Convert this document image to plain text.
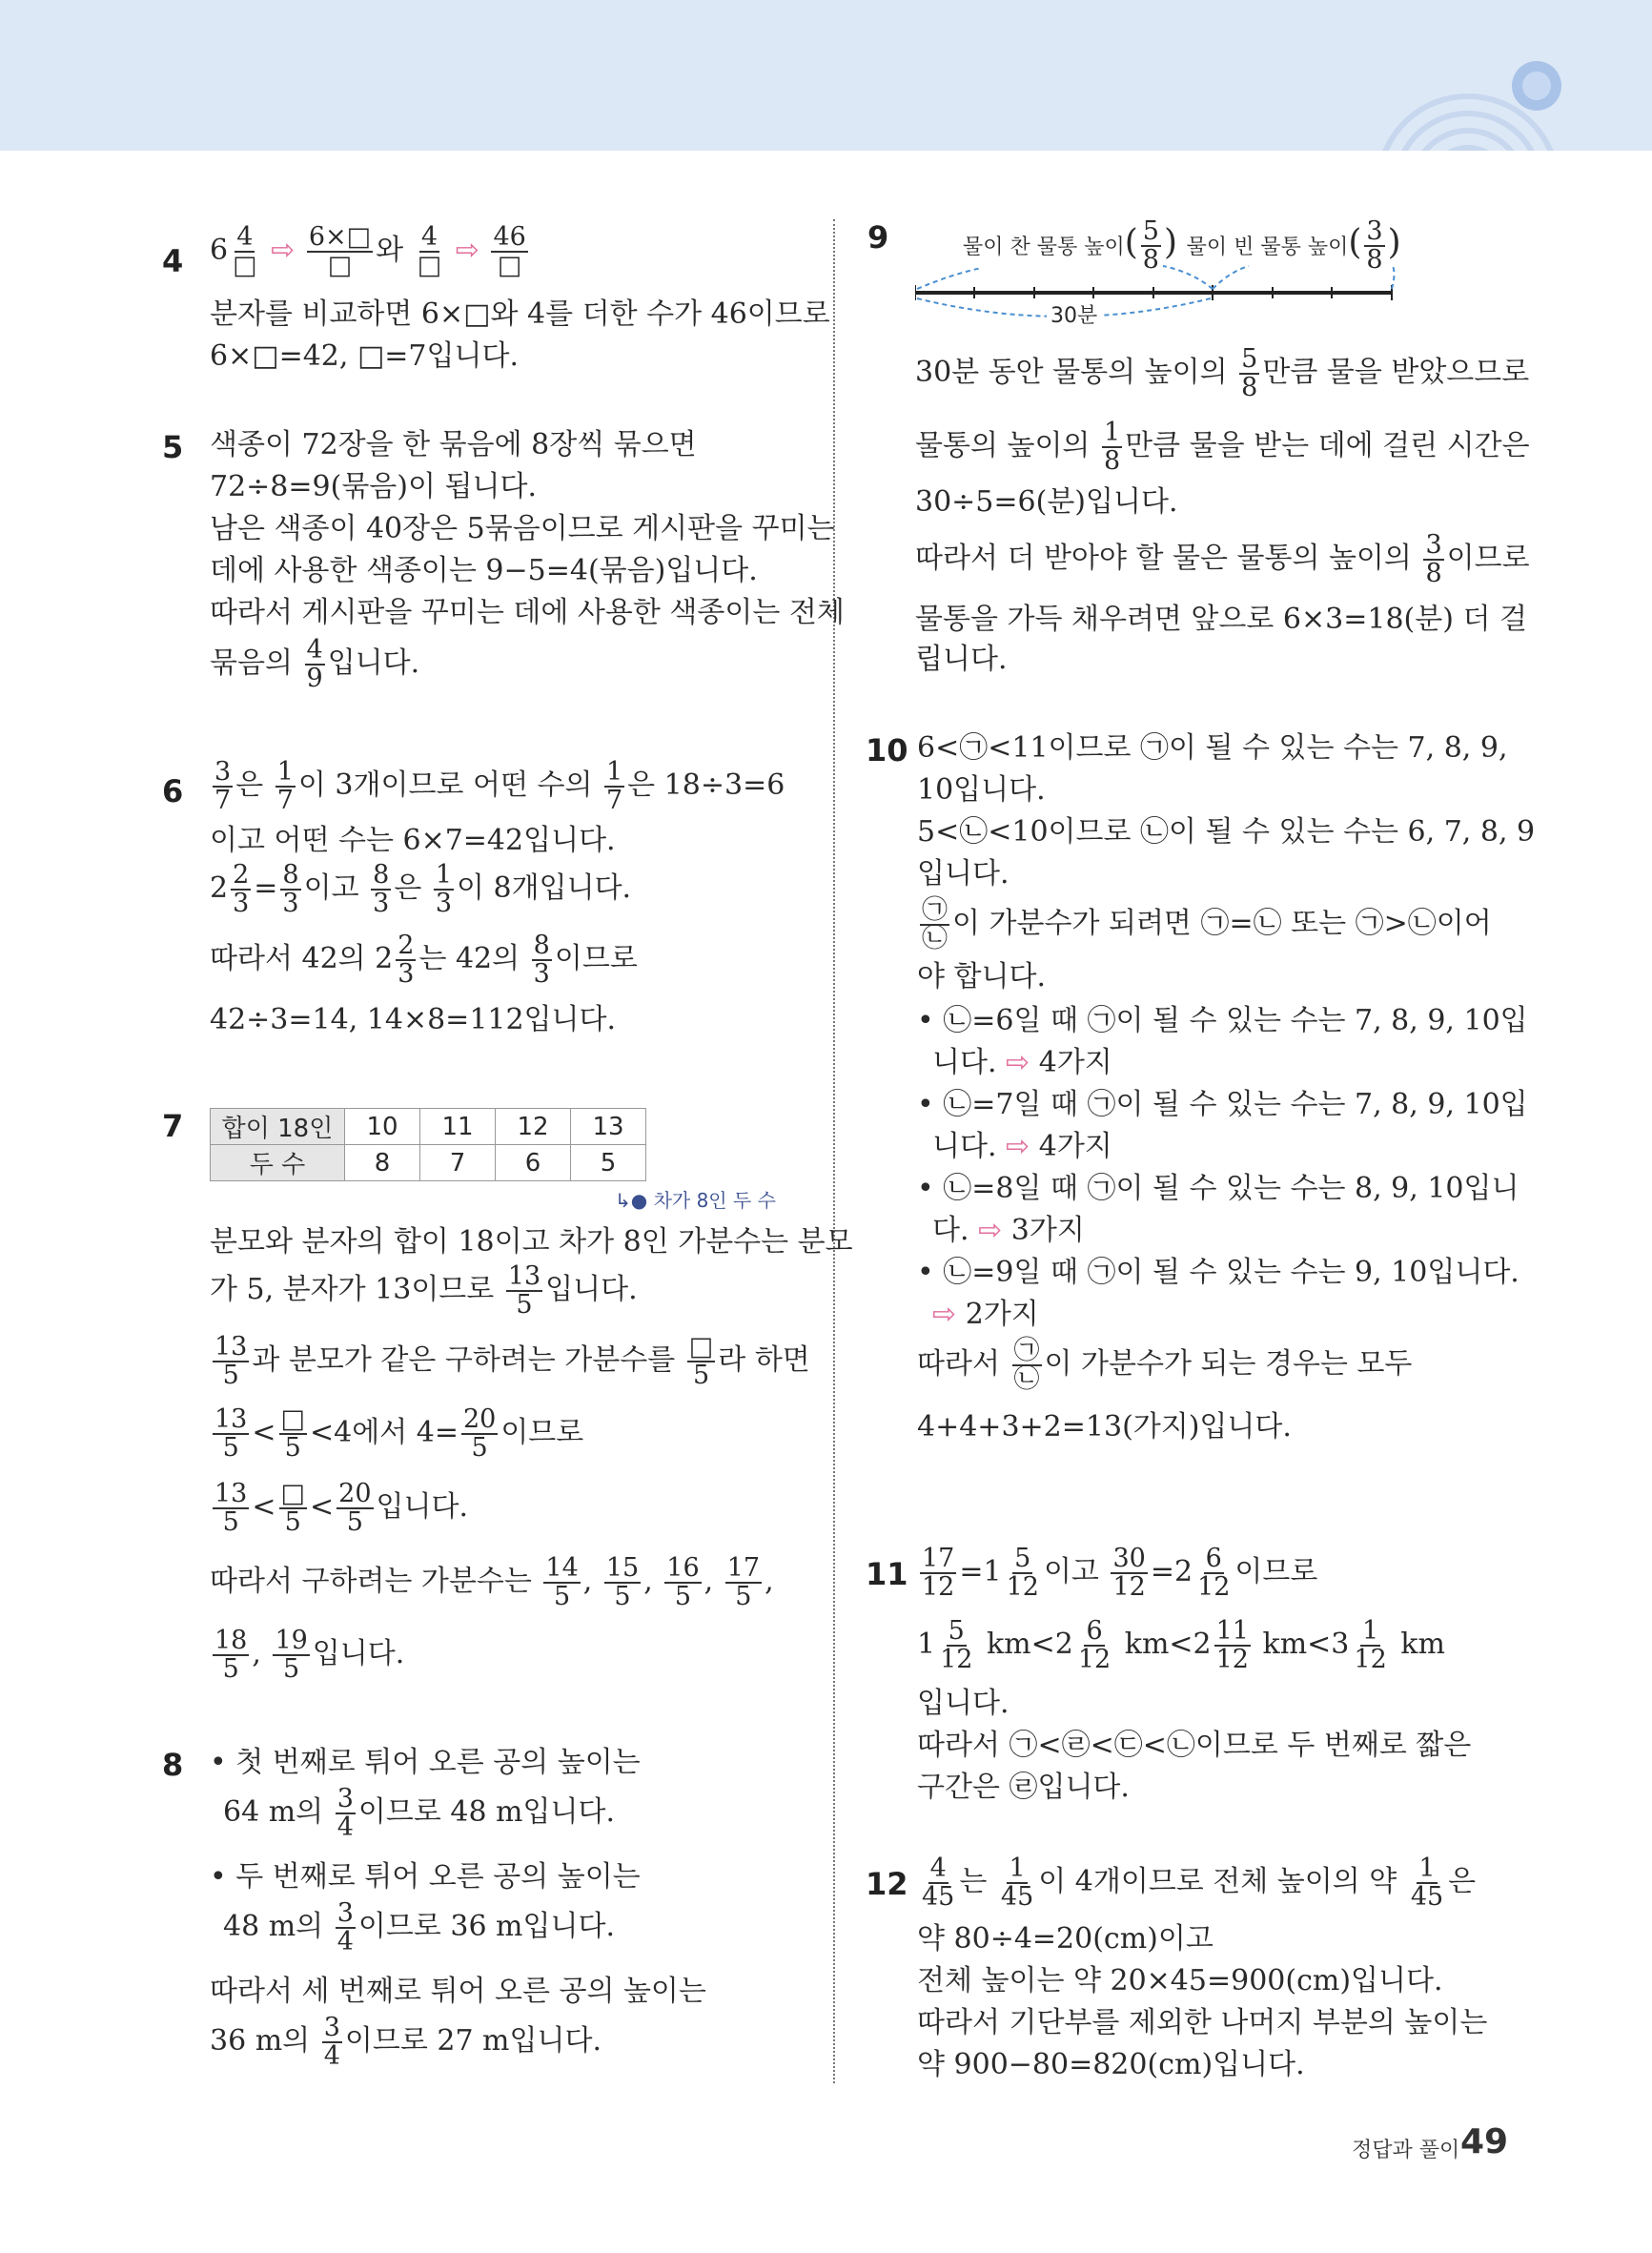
4 $6 \frac{4}{□}$ ⇨ $\frac{6\times□}{□}$ 와 $\frac{4}{□}$ ⇨ $\frac{46}{□}$
분자를 비교하면 6×□와 4를 더한 수가 46이므로
6×□=42, □=7입니다.
5 색종이 72장을 한 묶음에 8장씩 묶으면
72÷8=9(묶음)이 됩니다.
남은 색종이 40장은 5묶음이므로 게시판을 꾸미는
데에 사용한 색종이는 9−5=4(묶음)입니다.
따라서 게시판을 꾸미는 데에 사용한 색종이는 전체
묶음의 $\frac{4}{9}$ 입니다.
$6 \frac{3}{7}$ 은 $\frac{1}{7}$ 이 3개이므로 어떤 수의 $\frac{1}{7}$ 은 18÷3=6
이고 어떤 수는 6×7=42입니다.
$2 \frac{2}{3} = \frac{8}{3}$ 이고 $\frac{8}{3}$ 은 $\frac{1}{3}$ 이 8개입니다.
따라서 42의 $2 \frac{2}{3}$ 는 42의 $\frac{8}{3}$ 이므로
42÷3=14, 14×8=112입니다.
7 합이 18인	10	11	12	13
두 수	8	7	6	5
↳● 차가 8인 두 수
분모와 분자의 합이 18이고 차가 8인 가분수는 분모
가 5, 분자가 13이므로 $\frac{13}{5}$ 입니다.
$\frac{13}{5}$ 과 분모가 같은 구하려는 가분수를 $\frac{□}{5}$ 라 하면
$\frac{13}{5} < \frac{□}{5} <4$에서 $4= \frac{20}{5}$ 이므로
$\frac{13}{5} < \frac{□}{5} < \frac{20}{5}$ 입니다.
따라서 구하려는 가분수는 $\frac{14}{5}$ , $\frac{15}{5}$ , $\frac{16}{5}$ , $\frac{17}{5}$ ,
$\frac{18}{5}$ , $\frac{19}{5}$ 입니다.
8 • 첫 번째로 튀어 오른 공의 높이는
64 m의 $\frac{3}{4}$ 이므로 48 m입니다.
• 두 번째로 튀어 오른 공의 높이는
48 m의 $\frac{3}{4}$ 이므로 36 m입니다.
따라서 세 번째로 튀어 오른 공의 높이는
36 m의 $\frac{3}{4}$ 이므로 27 m입니다.
9	물이 찬 물통 높이( $\frac{5}{8}$ ) 물이 빈 물통 높이( $\frac{3}{8}$ )
30분
30분 동안 물통의 높이의 $\frac{5}{8}$ 만큼 물을 받았으므로
물통의 높이의 $\frac{1}{8}$ 만큼 물을 받는 데에 걸린 시간은
30÷5=6(분)입니다.
따라서 더 받아야 할 물은 물통의 높이의 $\frac{3}{8}$ 이므로
물통을 가득 채우려면 앞으로 6×3=18(분) 더 걸
립니다.
10 6<㉠<11이므로 ㉠이 될 수 있는 수는 7, 8, 9,
10입니다.
5<㉡<10이므로 ㉡이 될 수 있는 수는 6, 7, 8, 9
입니다.
$\frac{㉠}{㉡}$ 이 가분수가 되려면 ㉠=㉡ 또는 ㉠>㉡이어
야 합니다.
• ㉡=6일 때 ㉠이 될 수 있는 수는 7, 8, 9, 10입
니다. ⇨ 4가지
• ㉡=7일 때 ㉠이 될 수 있는 수는 7, 8, 9, 10입
니다. ⇨ 4가지
• ㉡=8일 때 ㉠이 될 수 있는 수는 8, 9, 10입니
다. ⇨ 3가지
• ㉡=9일 때 ㉠이 될 수 있는 수는 9, 10입니다.
⇨ 2가지
따라서 $\frac{㉠}{㉡}$ 이 가분수가 되는 경우는 모두
4+4+3+2=13(가지)입니다.
$11 \frac{17}{12} =1 \frac{5}{12}$ 이고 $\frac{30}{12} =2 \frac{6}{12}$ 이므로
$1 \frac{5}{12} km<2 \frac{6}{12} km<2 \frac{11}{12} km<3 \frac{1}{12}$ km
입니다.
따라서 ㉠<㉣<㉢<㉡이므로 두 번째로 짧은
구간은 ㉣입니다.
$12 \frac{4}{45}$ 는 $\frac{1}{45}$ 이 4개이므로 전체 높이의 약 $\frac{1}{45}$ 은
약 80÷4=20(cm)이고
전체 높이는 약 20×45=900(cm)입니다.
따라서 기단부를 제외한 나머지 부분의 높이는
약 900−80=820(cm)입니다.
정답과 풀이 49
